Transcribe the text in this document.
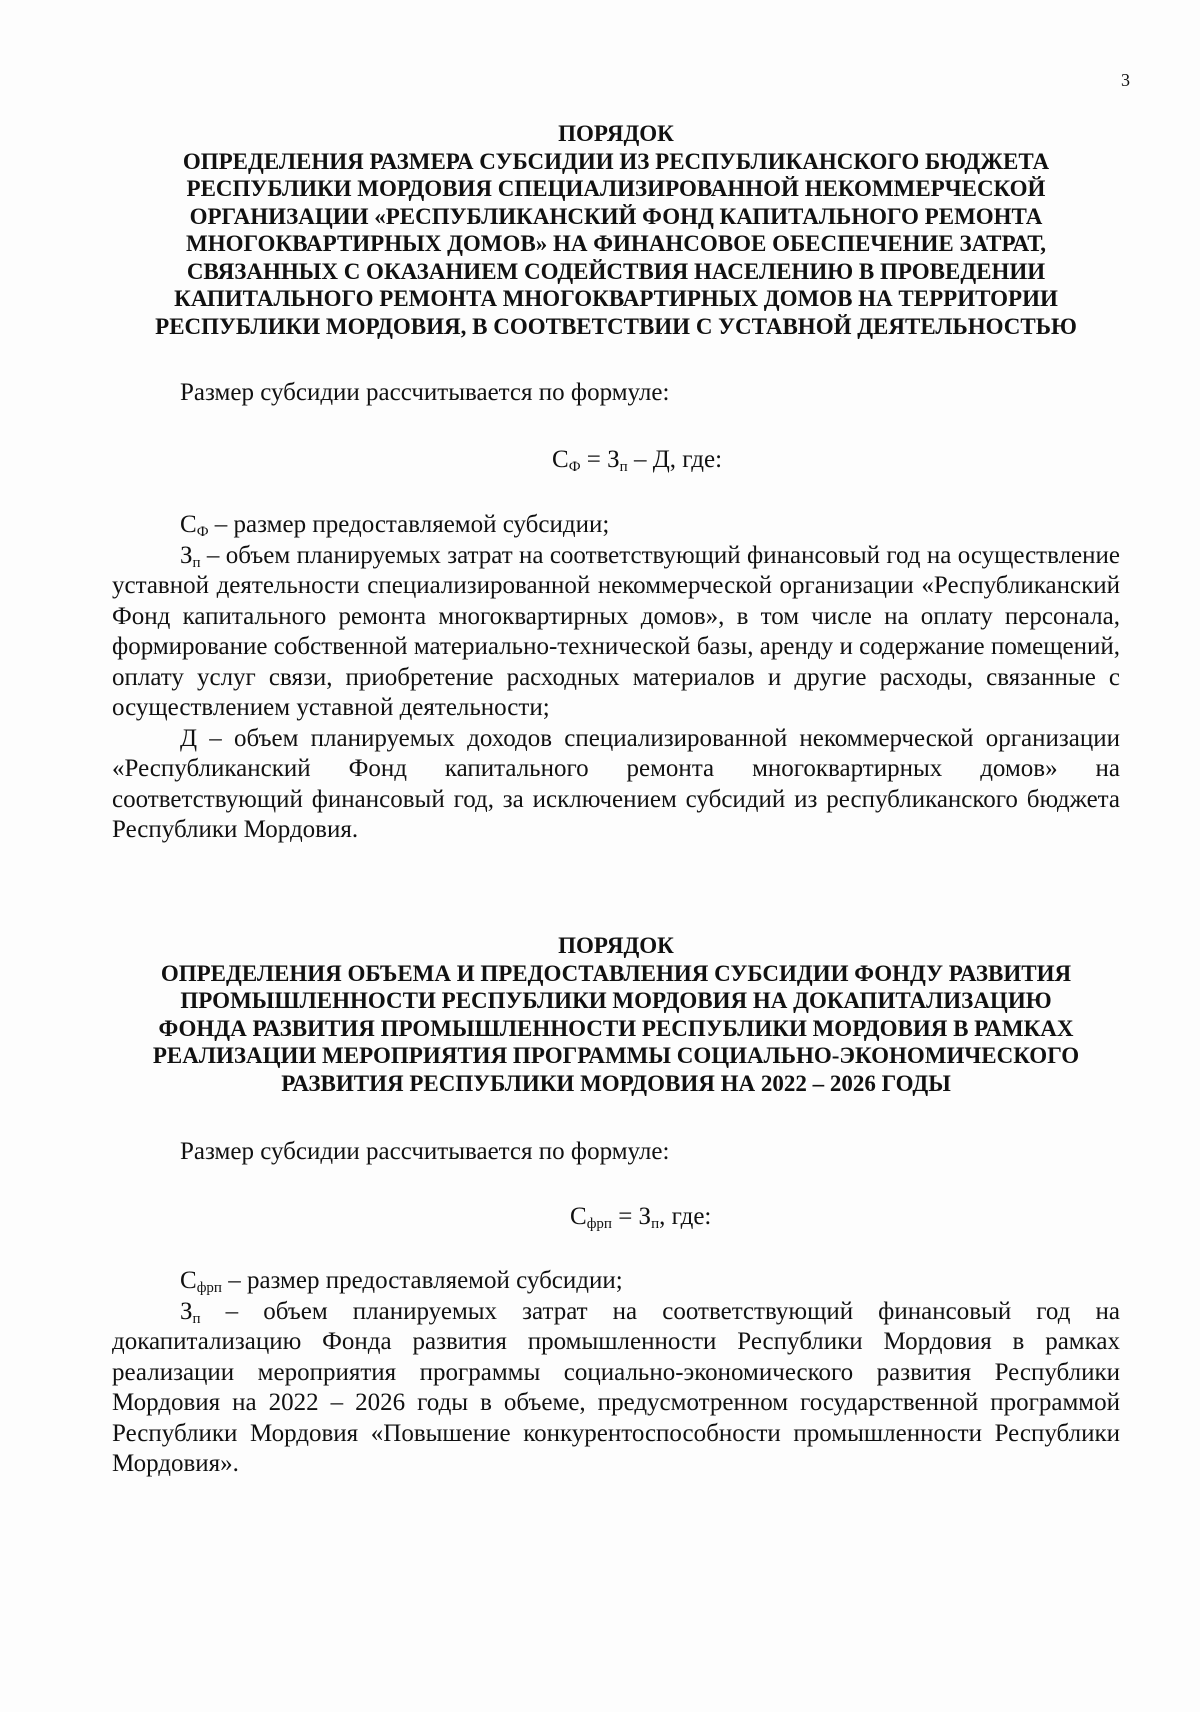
3
ПОРЯДОК
ОПРЕДЕЛЕНИЯ РАЗМЕРА СУБСИДИИ ИЗ РЕСПУБЛИКАНСКОГО БЮДЖЕТА
РЕСПУБЛИКИ МОРДОВИЯ СПЕЦИАЛИЗИРОВАННОЙ НЕКОММЕРЧЕСКОЙ
ОРГАНИЗАЦИИ «РЕСПУБЛИКАНСКИЙ ФОНД КАПИТАЛЬНОГО РЕМОНТА
МНОГОКВАРТИРНЫХ ДОМОВ» НА ФИНАНСОВОЕ ОБЕСПЕЧЕНИЕ ЗАТРАТ,
СВЯЗАННЫХ С ОКАЗАНИЕМ СОДЕЙСТВИЯ НАСЕЛЕНИЮ В ПРОВЕДЕНИИ
КАПИТАЛЬНОГО РЕМОНТА МНОГОКВАРТИРНЫХ ДОМОВ НА ТЕРРИТОРИИ
РЕСПУБЛИКИ МОРДОВИЯ, В СООТВЕТСТВИИ С УСТАВНОЙ ДЕЯТЕЛЬНОСТЬЮ

Размер субсидии рассчитывается по формуле:

$С_Ф = З_п - Д$, где:

$С_Ф$ – размер предоставляемой субсидии;

$З_п$ – объем планируемых затрат на соответствующий финансовый год на осуществление уставной деятельности специализированной некоммерческой организации «Республиканский Фонд капитального ремонта многоквартирных домов», в том числе на оплату персонала, формирование собственной материально-технической базы, аренду и содержание помещений, оплату услуг связи, приобретение расходных материалов и другие расходы, связанные с осуществлением уставной деятельности;

Д – объем планируемых доходов специализированной некоммерческой организации «Республиканский Фонд капитального ремонта многоквартирных домов» на соответствующий финансовый год, за исключением субсидий из республиканского бюджета Республики Мордовия.

ПОРЯДОК
ОПРЕДЕЛЕНИЯ ОБЪЕМА И ПРЕДОСТАВЛЕНИЯ СУБСИДИИ ФОНДУ РАЗВИТИЯ
ПРОМЫШЛЕННОСТИ РЕСПУБЛИКИ МОРДОВИЯ НА ДОКАПИТАЛИЗАЦИЮ
ФОНДА РАЗВИТИЯ ПРОМЫШЛЕННОСТИ РЕСПУБЛИКИ МОРДОВИЯ В РАМКАХ
РЕАЛИЗАЦИИ МЕРОПРИЯТИЯ ПРОГРАММЫ СОЦИАЛЬНО-ЭКОНОМИЧЕСКОГО
РАЗВИТИЯ РЕСПУБЛИКИ МОРДОВИЯ НА 2022 – 2026 ГОДЫ

Размер субсидии рассчитывается по формуле:

$С_{фрп} = З_п$, где:

$С_{фрп}$ – размер предоставляемой субсидии;

$З_п$ – объем планируемых затрат на соответствующий финансовый год на докапитализацию Фонда развития промышленности Республики Мордовия в рамках реализации мероприятия программы социально-экономического развития Республики Мордовия на 2022 – 2026 годы в объеме, предусмотренном государственной программой Республики Мордовия «Повышение конкурентоспособности промышленности Республики Мордовия».
